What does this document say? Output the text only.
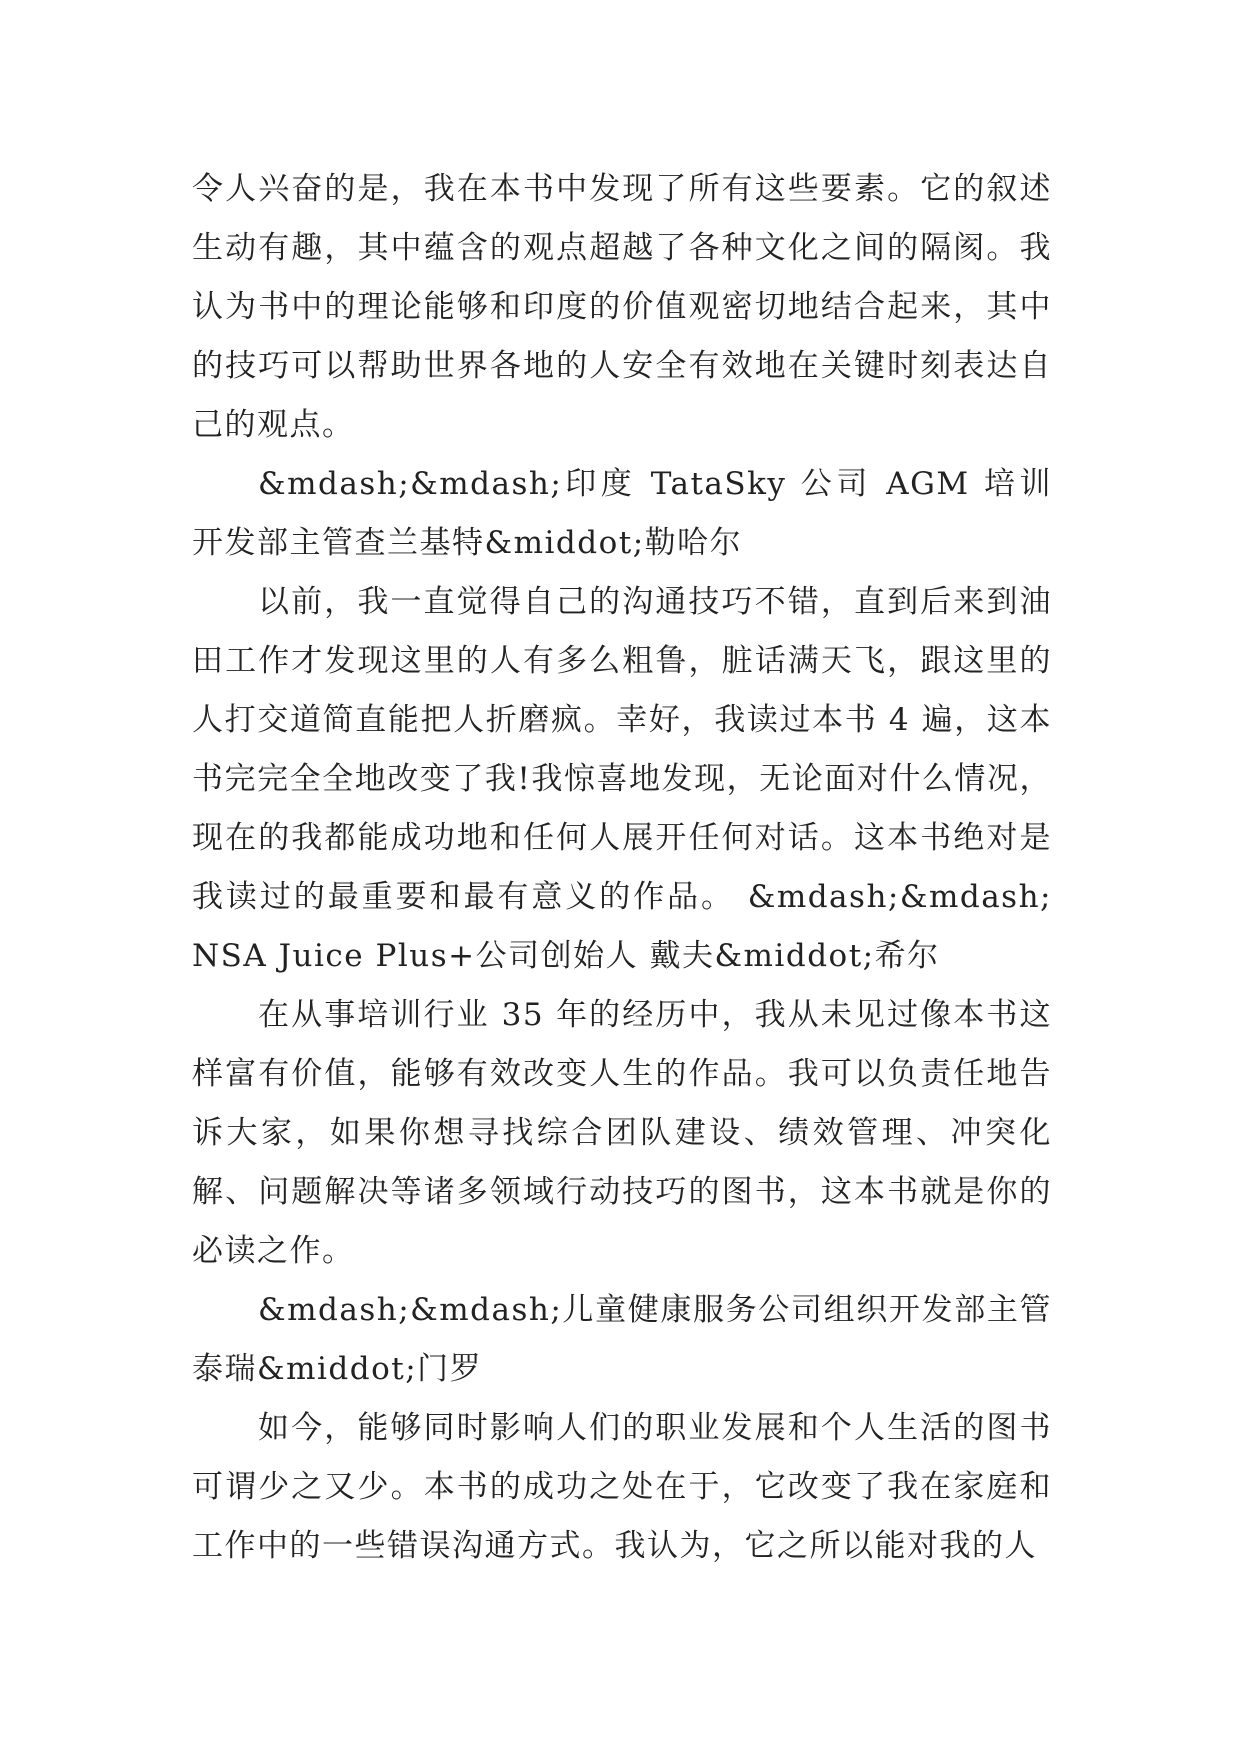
令人兴奋的是，我在本书中发现了所有这些要素。它的叙述生动有趣，其中蕴含的观点超越了各种文化之间的隔阂。我认为书中的理论能够和印度的价值观密切地结合起来，其中的技巧可以帮助世界各地的人安全有效地在关键时刻表达自己的观点。

&mdash;&mdash;印度 TataSky 公司 AGM 培训开发部主管查兰基特&middot;勒哈尔

以前，我一直觉得自己的沟通技巧不错，直到后来到油田工作才发现这里的人有多么粗鲁，脏话满天飞，跟这里的人打交道简直能把人折磨疯。幸好，我读过本书 4 遍，这本书完完全全地改变了我!我惊喜地发现，无论面对什么情况，现在的我都能成功地和任何人展开任何对话。这本书绝对是我读过的最重要和最有意义的作品。 &mdash;&mdash;NSA Juice Plus+公司创始人 戴夫&middot;希尔

在从事培训行业 35 年的经历中，我从未见过像本书这样富有价值，能够有效改变人生的作品。我可以负责任地告诉大家，如果你想寻找综合团队建设、绩效管理、冲突化解、问题解决等诸多领域行动技巧的图书，这本书就是你的必读之作。

&mdash;&mdash;儿童健康服务公司组织开发部主管泰瑞&middot;门罗

如今，能够同时影响人们的职业发展和个人生活的图书可谓少之又少。本书的成功之处在于，它改变了我在家庭和工作中的一些错误沟通方式。我认为，它之所以能对我的人
